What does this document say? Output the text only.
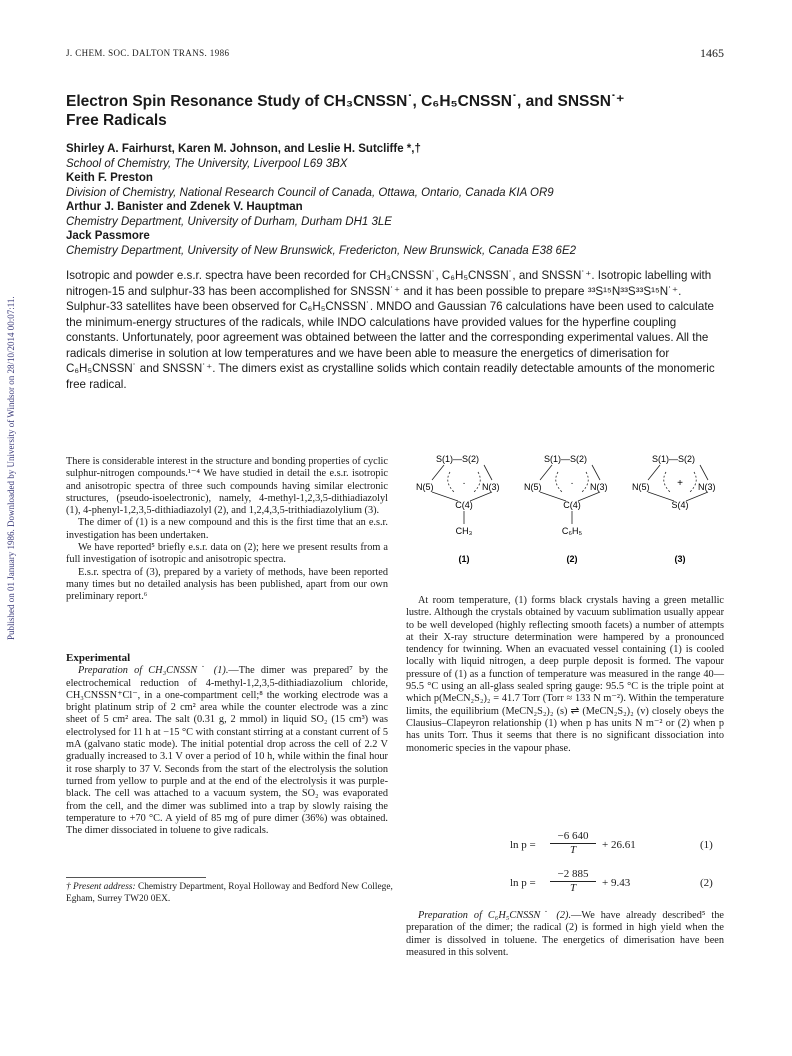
Published on 01 January 1986. Downloaded by University of Windsor on 28/10/2014 00:07:11.
J. CHEM. SOC. DALTON TRANS. 1986	1465
Electron Spin Resonance Study of CH₃CNSSN˙, C₆H₅CNSSN˙, and SNSSN˙⁺
Free Radicals
Shirley A. Fairhurst, Karen M. Johnson, and Leslie H. Sutcliffe *,†
School of Chemistry, The University, Liverpool L69 3BX
Keith F. Preston
Division of Chemistry, National Research Council of Canada, Ottawa, Ontario, Canada KIA OR9
Arthur J. Banister and Zdenek V. Hauptman
Chemistry Department, University of Durham, Durham DH1 3LE
Jack Passmore
Chemistry Department, University of New Brunswick, Fredericton, New Brunswick, Canada E38 6E2
Isotropic and powder e.s.r. spectra have been recorded for CH₃CNSSN˙, C₆H₅CNSSN˙, and SNSSN˙⁺. Isotropic labelling with nitrogen-15 and sulphur-33 has been accomplished for SNSSN˙⁺ and it has been possible to prepare ³³S¹⁵N³³S³³S¹⁵N˙⁺. Sulphur-33 satellites have been observed for C₆H₅CNSSN˙. MNDO and Gaussian 76 calculations have been used to calculate the minimum-energy structures of the radicals, while INDO calculations have provided values for the hyperfine coupling constants. Unfortunately, poor agreement was obtained between the latter and the corresponding experimental values. All the radicals dimerise in solution at low temperatures and we have been able to measure the energetics of dimerisation for C₆H₅CNSSN˙ and SNSSN˙⁺. The dimers exist as crystalline solids which contain readily detectable amounts of the monomeric free radical.

There is considerable interest in the structure and bonding properties of cyclic sulphur-nitrogen compounds.¹⁻⁴ We have studied in detail the e.s.r. isotropic and anisotropic spectra of three such compounds having similar electronic structures, (pseudo-isoelectronic), namely, 4-methyl-1,2,3,5-dithiadiazolyl (1), 4-phenyl-1,2,3,5-dithiadiazolyl (2), and 1,2,4,3,5-trithiadiazolylium (3).

The dimer of (1) is a new compound and this is the first time that an e.s.r. investigation has been undertaken.

We have reported⁵ briefly e.s.r. data on (2); here we present results from a full investigation of isotropic and anisotropic spectra.

E.s.r. spectra of (3), prepared by a variety of methods, have been reported many times but no detailed analysis has been published, apart from our own preliminary report.⁶

Experimental

Preparation of CH₃CNSSN˙ (1).—The dimer was prepared⁷ by the electrochemical reduction of 4-methyl-1,2,3,5-dithiadiazolium chloride, CH₃CNSSN⁺Cl⁻, in a one-compartment cell;⁸ the working electrode was a bright platinum strip of 2 cm² area while the counter electrode was a zinc sheet of 5 cm² area. The salt (0.31 g, 2 mmol) in liquid SO₂ (15 cm³) was electrolysed for 11 h at −15 °C with constant stirring at a constant current of 5 mA (galvano static mode). The initial potential drop across the cell of 2.2 V gradually increased to 3.1 V over a period of 10 h, while within the final hour it rose sharply to 37 V. Seconds from the start of the electrolysis the solution turned from yellow to purple and at the end of the electrolysis it was purple-black. The cell was attached to a vacuum system, the SO₂ was evaporated from the cell, and the dimer was sublimed into a trap by slowly raising the temperature to +70 °C. A yield of 85 mg of pure dimer (36%) was obtained. The dimer dissociated in toluene to give radicals.

† Present address: Chemistry Department, Royal Holloway and Bedford New College, Egham, Surrey TW20 0EX.
S(1)—S(2)
N(5)	N(3)
C(4)
CH₃
·
(1)
S(1)—S(2)
N(5)	N(3)
C(4)
C₆H₅
·
(2)
S(1)—S(2)
N(5)	N(3)
S(4)
+
(3)

At room temperature, (1) forms black crystals having a green metallic lustre. Although the crystals obtained by vacuum sublimation usually appear to be well developed (highly reflecting smooth facets) a number of attempts at their X-ray structure determination were hampered by a pronounced tendency for twinning. When an evacuated vessel containing (1) is cooled locally with liquid nitrogen, a deep purple deposit is formed. The vapour pressure of (1) as a function of temperature was measured in the range 40—95.5 °C using an all-glass sealed spring gauge: 95.5 °C is the triple point at which p(MeCN₂S₂)₂ = 41.7 Torr (Torr ≈ 133 N m⁻²). Within the temperature limits, the equilibrium (MeCN₂S₂)₂ (s) ⇌ (MeCN₂S₂)₂ (v) closely obeys the Clausius–Clapeyron relationship (1) when p has units N m⁻² or (2) when p has units Torr. Thus it seems that there is no significant dissociation into monomeric species in the vapour phase.

$\ln p = \frac{-6 640}{T} + 26.61$	(1)
$\ln p = \frac{-2 885}{T} + 9.43$	(2)

Preparation of C₆H₅CNSSN˙ (2).—We have already described⁵ the preparation of the dimer; the radical (2) is formed in high yield when the dimer is dissolved in toluene. The energetics of dimerisation have been measured in this solvent.
